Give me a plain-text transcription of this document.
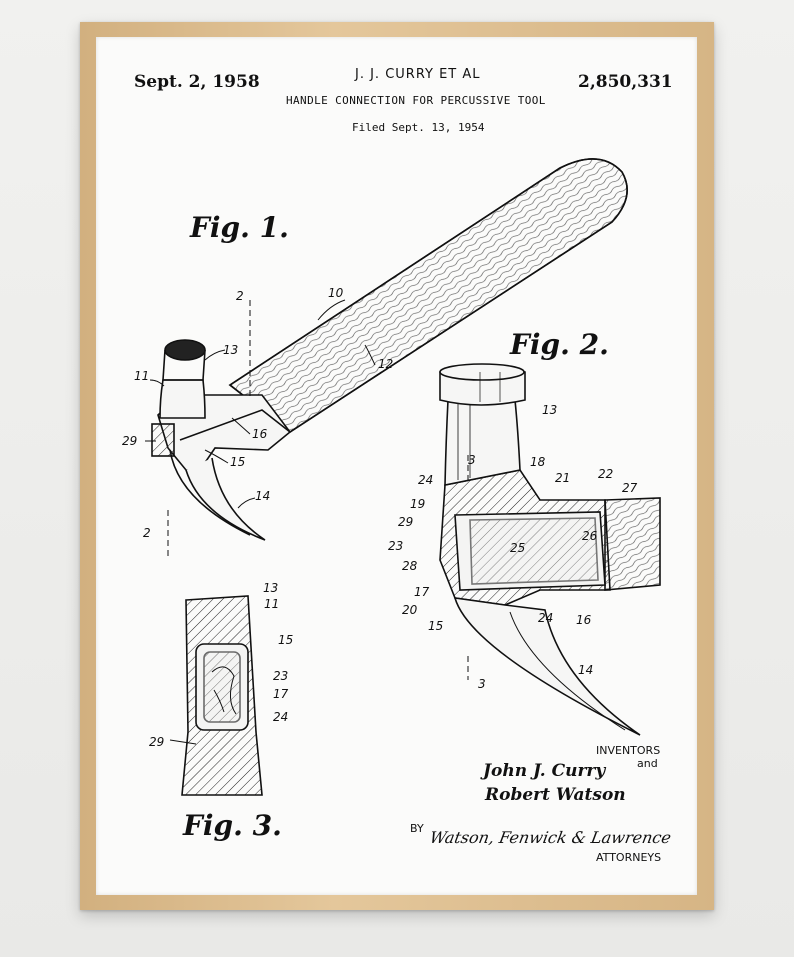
Sept. 2, 1958	J. J. CURRY ET AL	2,850,331
HANDLE CONNECTION FOR PERCUSSIVE TOOL
Filed Sept. 13, 1954
Fig. 1.
Fig. 2.
Fig. 3.
2	10
13
11
12
29	16
15
14
2
13
3	18
21 22
27
24
19
29
26
23	25
28
17
20
24 16
15
3
14
13
11
15
23
17
24
29
INVENTORS
John J. Curry	and
Robert Watson
BY Watson, Fenwick & Lawrence
ATTORNEYS
